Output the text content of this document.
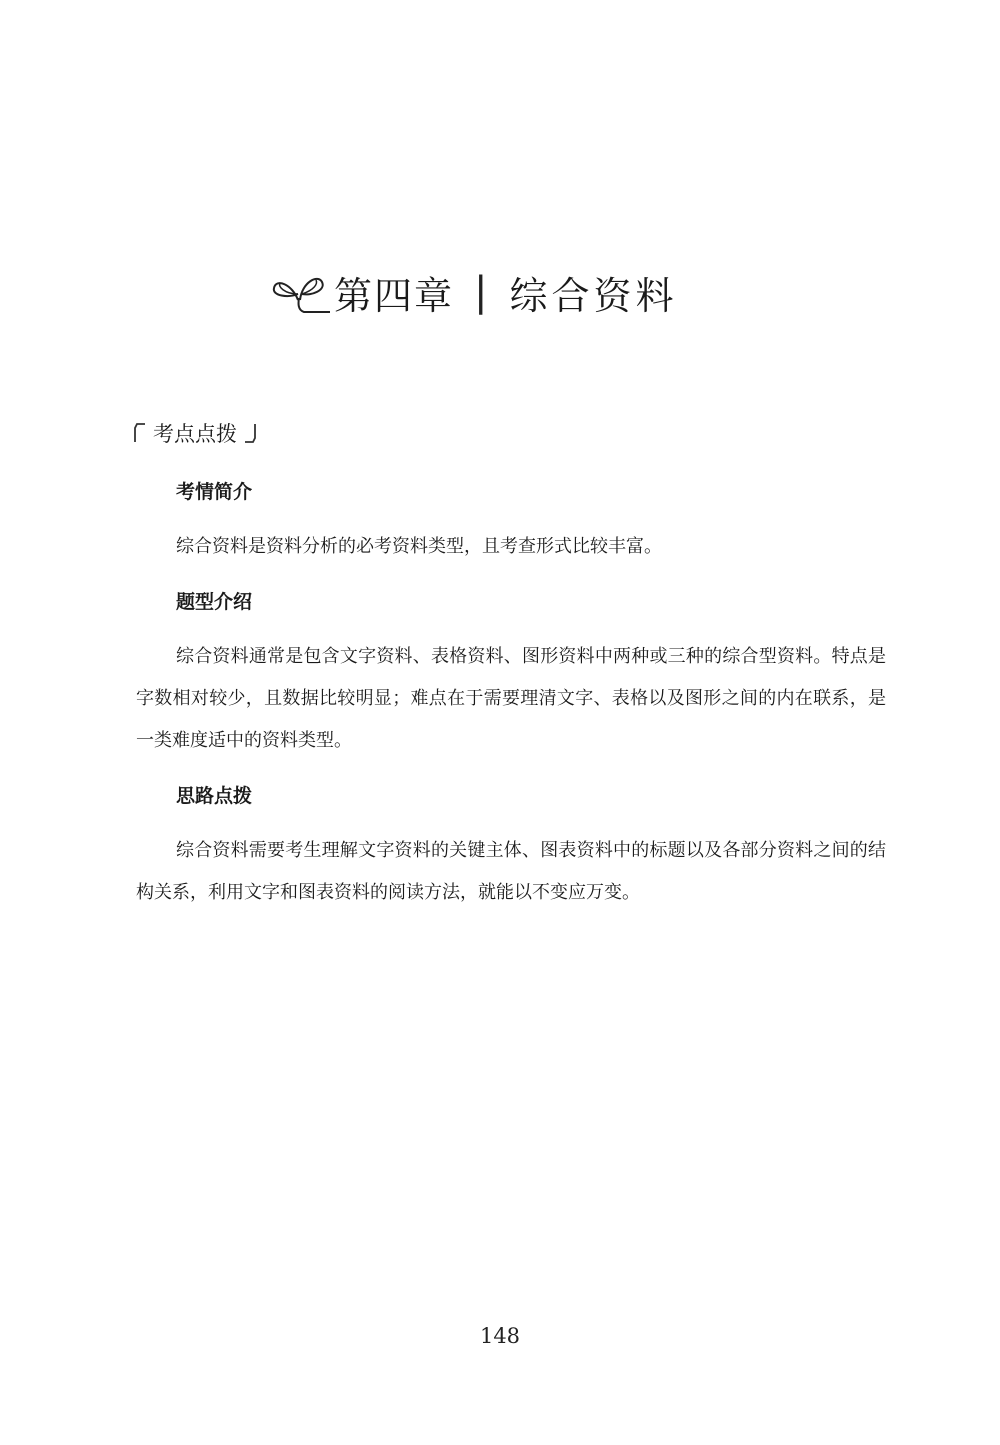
第四章 | 综合资料
考点点拨
考情简介

综合资料是资料分析的必考资料类型，且考查形式比较丰富。

题型介绍

综合资料通常是包含文字资料、表格资料、图形资料中两种或三种的综合型资料。特点是字数相对较少，且数据比较明显；难点在于需要理清文字、表格以及图形之间的内在联系，是一类难度适中的资料类型。

思路点拨

综合资料需要考生理解文字资料的关键主体、图表资料中的标题以及各部分资料之间的结构关系，利用文字和图表资料的阅读方法，就能以不变应万变。

148
